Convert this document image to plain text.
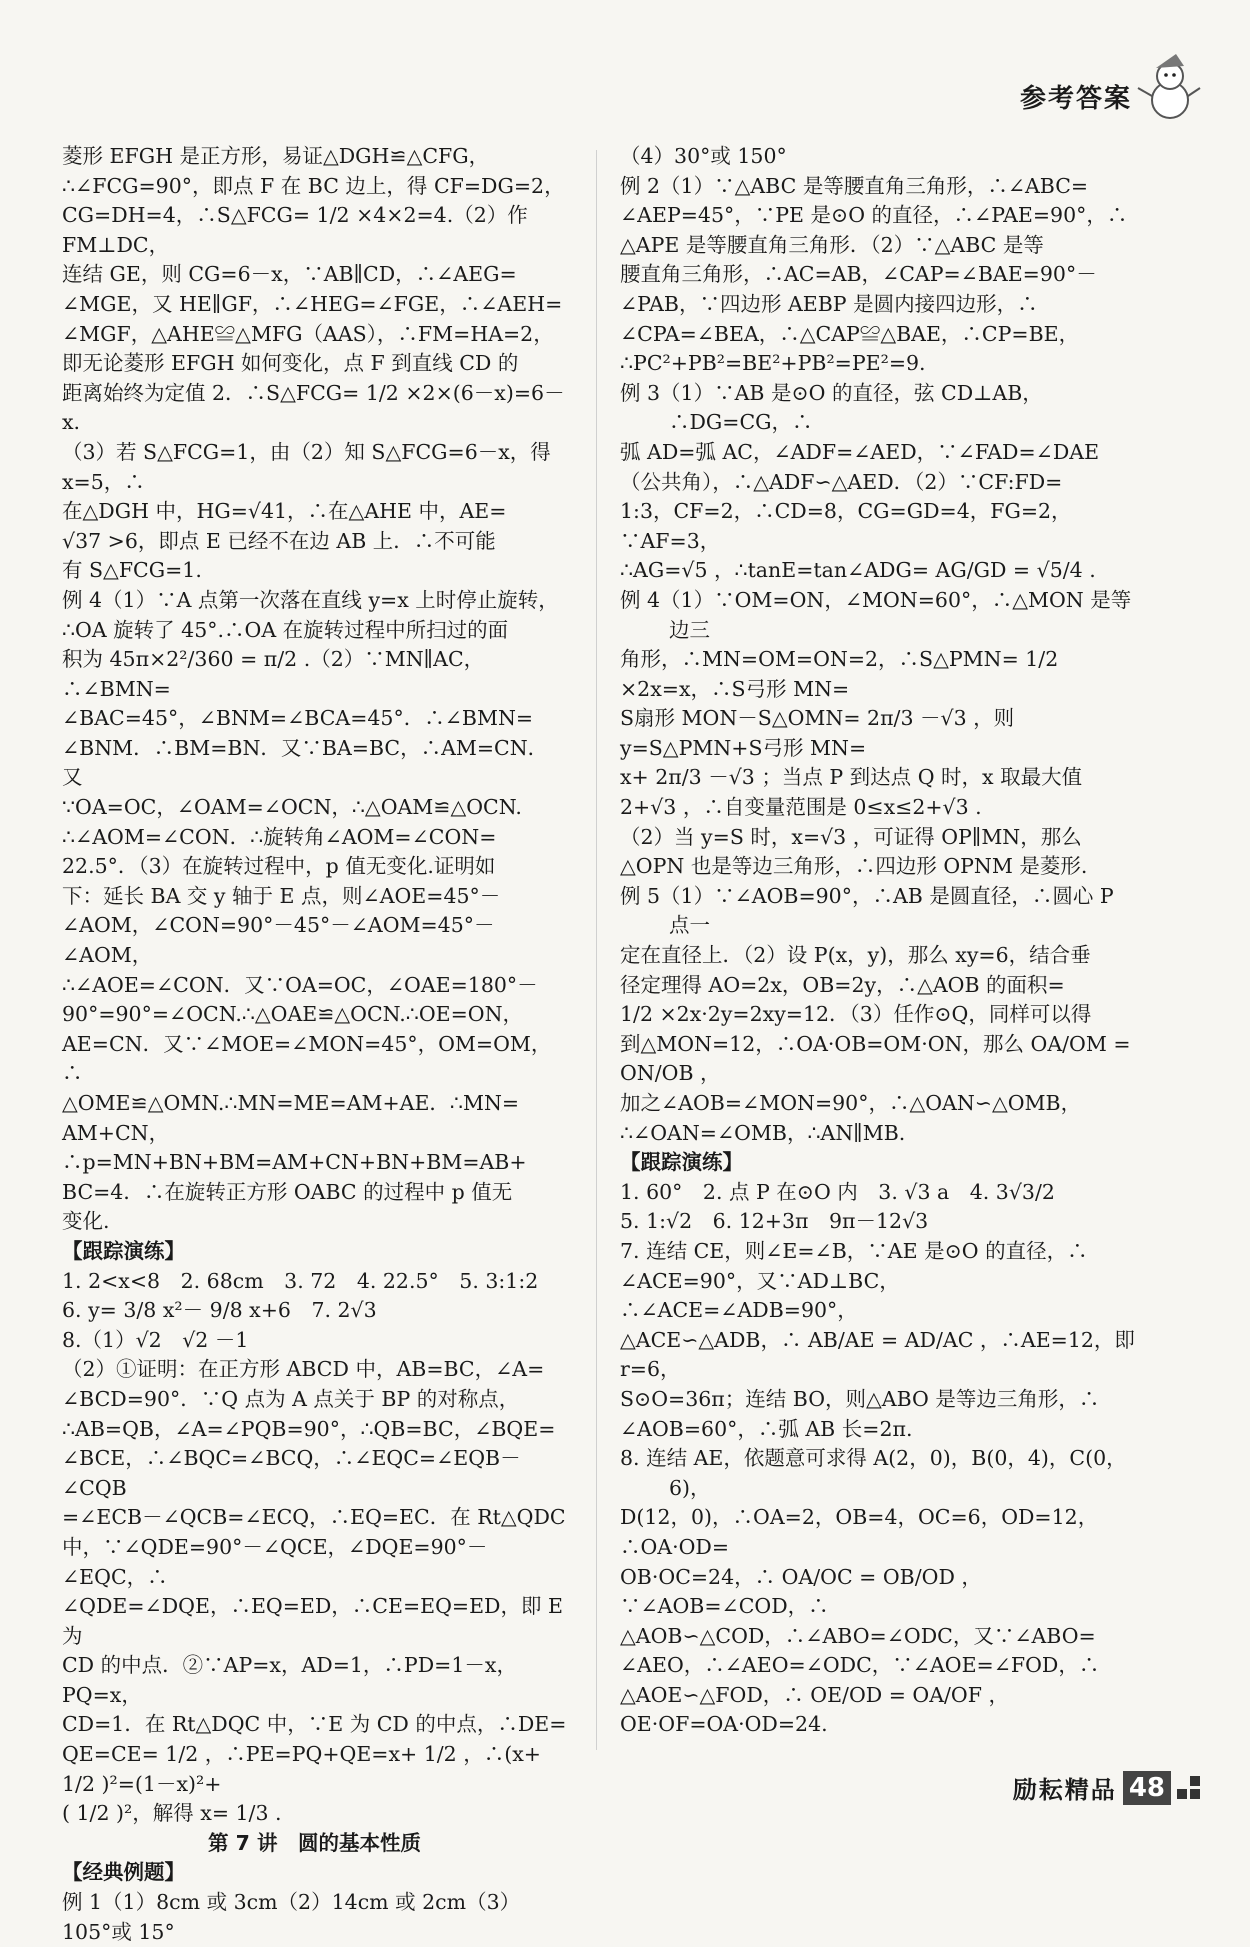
参考答案

菱形 EFGH 是正方形，易证△DGH≌△CFG，

∴∠FCG=90°，即点 F 在 BC 边上，得 CF=DG=2，

CG=DH=4，∴S△FCG= 1/2 ×4×2=4.（2）作 FM⊥DC，

连结 GE，则 CG=6－x，∵AB∥CD，∴∠AEG=

∠MGE，又 HE∥GF，∴∠HEG=∠FGE，∴∠AEH=

∠MGF，△AHE≌△MFG（AAS），∴FM=HA=2，

即无论菱形 EFGH 如何变化，点 F 到直线 CD 的

距离始终为定值 2．∴S△FCG= 1/2 ×2×(6－x)=6－x.

（3）若 S△FCG=1，由（2）知 S△FCG=6－x，得 x=5，∴

在△DGH 中，HG=√41，∴在△AHE 中，AE=

√37 >6，即点 E 已经不在边 AB 上．∴不可能

有 S△FCG=1.

例 4（1）∵A 点第一次落在直线 y=x 上时停止旋转，

∴OA 旋转了 45°.∴OA 在旋转过程中所扫过的面

积为 45π×2²/360 = π/2 .（2）∵MN∥AC，∴∠BMN=

∠BAC=45°，∠BNM=∠BCA=45°．∴∠BMN=

∠BNM．∴BM=BN．又∵BA=BC，∴AM=CN．又

∵OA=OC，∠OAM=∠OCN，∴△OAM≌△OCN.

∴∠AOM=∠CON．∴旋转角∠AOM=∠CON=

22.5°．（3）在旋转过程中，p 值无变化.证明如

下：延长 BA 交 y 轴于 E 点，则∠AOE=45°－

∠AOM，∠CON=90°－45°－∠AOM=45°－∠AOM，

∴∠AOE=∠CON．又∵OA=OC，∠OAE=180°－

90°=90°=∠OCN.∴△OAE≌△OCN.∴OE=ON，

AE=CN．又∵∠MOE=∠MON=45°，OM=OM，∴

△OME≌△OMN.∴MN=ME=AM+AE．∴MN=

AM+CN，∴p=MN+BN+BM=AM+CN+BN+BM=AB+

BC=4．∴在旋转正方形 OABC 的过程中 p 值无

变化.

【跟踪演练】

1. 2<x<8　2. 68cm　3. 72　4. 22.5°　5. 3:1:2

6. y= 3/8 x²－ 9/8 x+6　7. 2√3

8.（1）√2　√2 －1

（2）①证明：在正方形 ABCD 中，AB=BC，∠A=

∠BCD=90°．∵Q 点为 A 点关于 BP 的对称点，

∴AB=QB，∠A=∠PQB=90°，∴QB=BC，∠BQE=

∠BCE，∴∠BQC=∠BCQ，∴∠EQC=∠EQB－∠CQB

=∠ECB－∠QCB=∠ECQ，∴EQ=EC．在 Rt△QDC

中，∵∠QDE=90°－∠QCE，∠DQE=90°－∠EQC，∴

∠QDE=∠DQE，∴EQ=ED，∴CE=EQ=ED，即 E 为

CD 的中点．②∵AP=x，AD=1，∴PD=1－x，PQ=x，

CD=1．在 Rt△DQC 中，∵E 为 CD 的中点，∴DE=

QE=CE= 1/2 ，∴PE=PQ+QE=x+ 1/2 ，∴(x+ 1/2 )²=(1－x)²+

( 1/2 )²，解得 x= 1/3 .

第 7 讲　圆的基本性质

【经典例题】

例 1（1）8cm 或 3cm（2）14cm 或 2cm（3）105°或 15°

（4）30°或 150°

例 2（1）∵△ABC 是等腰直角三角形，∴∠ABC=

∠AEP=45°，∵PE 是⊙O 的直径，∴∠PAE=90°，∴

△APE 是等腰直角三角形．（2）∵△ABC 是等

腰直角三角形，∴AC=AB，∠CAP=∠BAE=90°－

∠PAB，∵四边形 AEBP 是圆内接四边形，∴

∠CPA=∠BEA，∴△CAP≌△BAE，∴CP=BE，

∴PC²+PB²=BE²+PB²=PE²=9.

例 3（1）∵AB 是⊙O 的直径，弦 CD⊥AB，∴DG=CG，∴

弧 AD=弧 AC，∠ADF=∠AED，∵∠FAD=∠DAE

（公共角），∴△ADF∽△AED．（2）∵CF:FD=

1:3，CF=2，∴CD=8，CG=GD=4，FG=2，∵AF=3，

∴AG=√5 ，∴tanE=tan∠ADG= AG/GD = √5/4 .

例 4（1）∵OM=ON，∠MON=60°，∴△MON 是等边三

角形，∴MN=OM=ON=2，∴S△PMN= 1/2 ×2x=x，∴S弓形 MN=

S扇形 MON－S△OMN= 2π/3 －√3 ，则 y=S△PMN+S弓形 MN=

x+ 2π/3 －√3 ；当点 P 到达点 Q 时，x 取最大值

2+√3 ，∴自变量范围是 0≤x≤2+√3 .

（2）当 y=S 时，x=√3 ，可证得 OP∥MN，那么

△OPN 也是等边三角形，∴四边形 OPNM 是菱形.

例 5（1）∵∠AOB=90°，∴AB 是圆直径，∴圆心 P 点一

定在直径上．（2）设 P(x，y)，那么 xy=6，结合垂

径定理得 AO=2x，OB=2y，∴△AOB 的面积=

1/2 ×2x·2y=2xy=12．（3）任作⊙Q，同样可以得

到△MON=12，∴OA·OB=OM·ON，那么 OA/OM = ON/OB ，

加之∠AOB=∠MON=90°，∴△OAN∽△OMB，

∴∠OAN=∠OMB，∴AN∥MB.

【跟踪演练】

1. 60°　2. 点 P 在⊙O 内　3. √3 a　4. 3√3/2

5. 1:√2　6. 12+3π　9π－12√3

7. 连结 CE，则∠E=∠B，∵AE 是⊙O 的直径，∴

∠ACE=90°，又∵AD⊥BC，∴∠ACE=∠ADB=90°，

△ACE∽△ADB，∴ AB/AE = AD/AC ，∴AE=12，即 r=6，

S⊙O=36π；连结 BO，则△ABO 是等边三角形，∴

∠AOB=60°，∴弧 AB 长=2π.

8. 连结 AE，依题意可求得 A(2，0)，B(0，4)，C(0，6)，

D(12，0)，∴OA=2，OB=4，OC=6，OD=12，∴OA·OD=

OB·OC=24，∴ OA/OC = OB/OD ，∵∠AOB=∠COD，∴

△AOB∽△COD，∴∠ABO=∠ODC，又∵∠ABO=

∠AEO，∴∠AEO=∠ODC，∵∠AOE=∠FOD，∴

△AOE∽△FOD，∴ OE/OD = OA/OF ，OE·OF=OA·OD=24.

励耘精品 48
